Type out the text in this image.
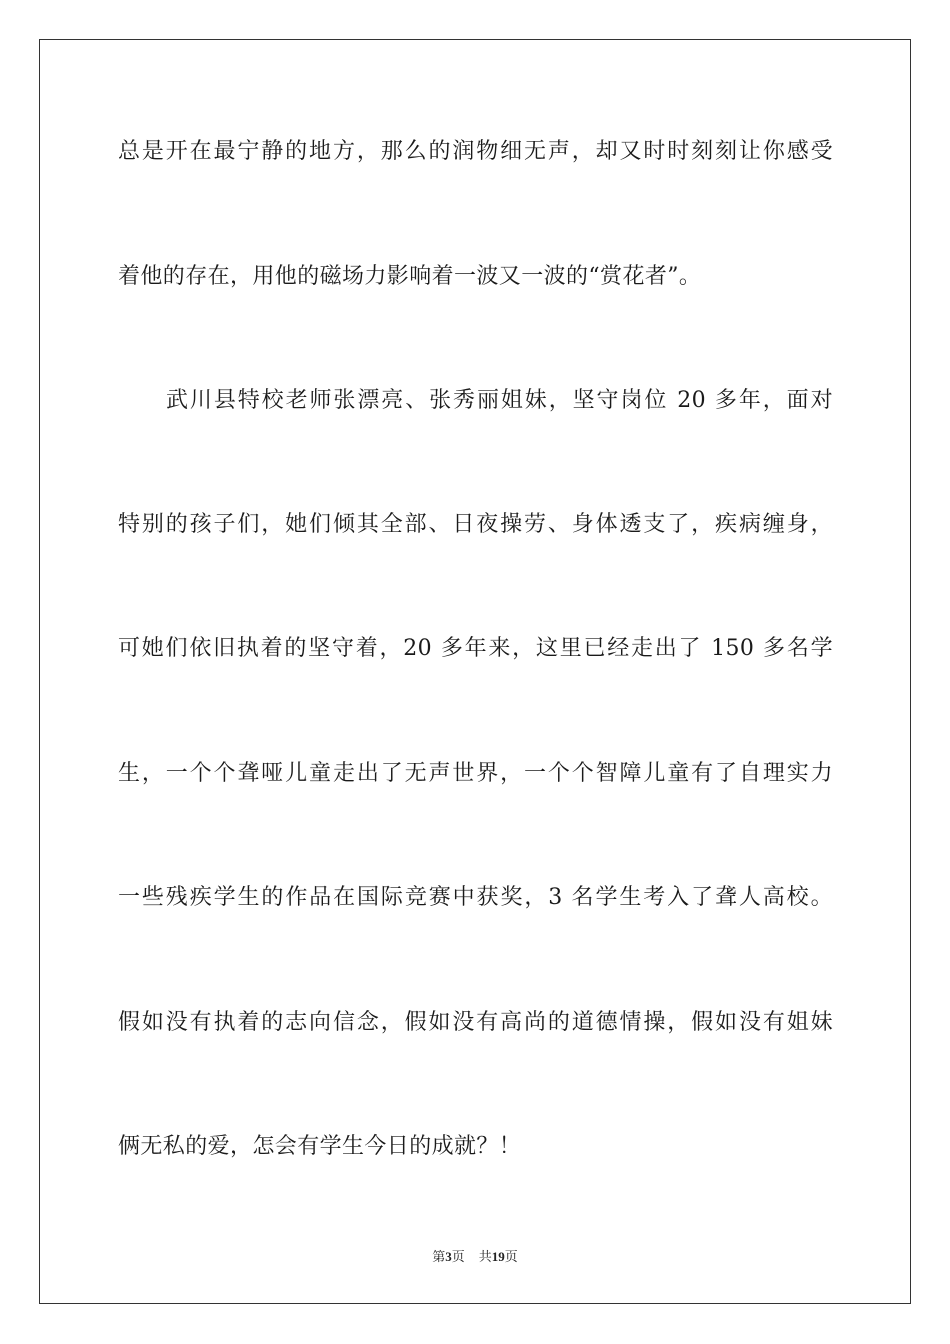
总是开在最宁静的地方，那么的润物细无声，却又时时刻刻让你感受
着他的存在，用他的磁场力影响着一波又一波的“赏花者”。
武川县特校老师张漂亮、张秀丽姐妹，坚守岗位 20 多年，面对
特别的孩子们，她们倾其全部、日夜操劳、身体透支了，疾病缠身，
可她们依旧执着的坚守着，20 多年来，这里已经走出了 150 多名学
生，一个个聋哑儿童走出了无声世界，一个个智障儿童有了自理实力
一些残疾学生的作品在国际竞赛中获奖，3 名学生考入了聋人高校。
假如没有执着的志向信念，假如没有高尚的道德情操，假如没有姐妹
俩无私的爱，怎会有学生今日的成就？！
第3页 共19页
